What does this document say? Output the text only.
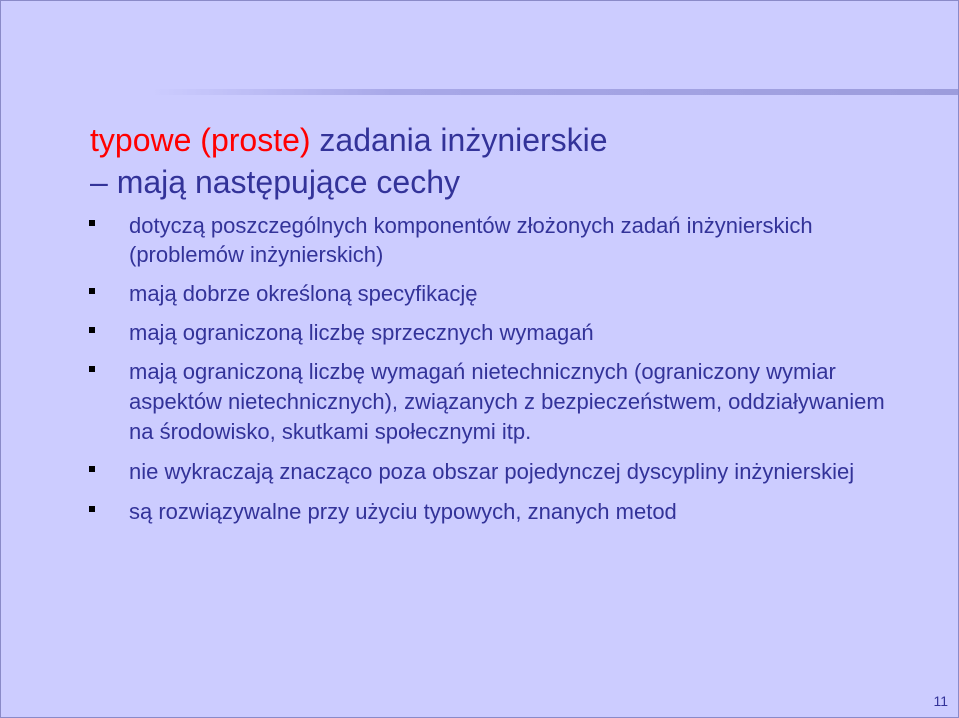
typowe (proste) zadania inżynierskie
– mają następujące cechy
dotyczą poszczególnych komponentów złożonych zadań inżynierskich (problemów inżynierskich)
mają dobrze określoną specyfikację
mają ograniczoną liczbę sprzecznych wymagań
mają ograniczoną liczbę wymagań nietechnicznych (ograniczony wymiar aspektów nietechnicznych), związanych z bezpieczeństwem, oddziaływaniem na środowisko, skutkami społecznymi itp.
nie wykraczają znacząco poza obszar pojedynczej dyscypliny inżynierskiej
są rozwiązywalne przy użyciu typowych, znanych metod
11
